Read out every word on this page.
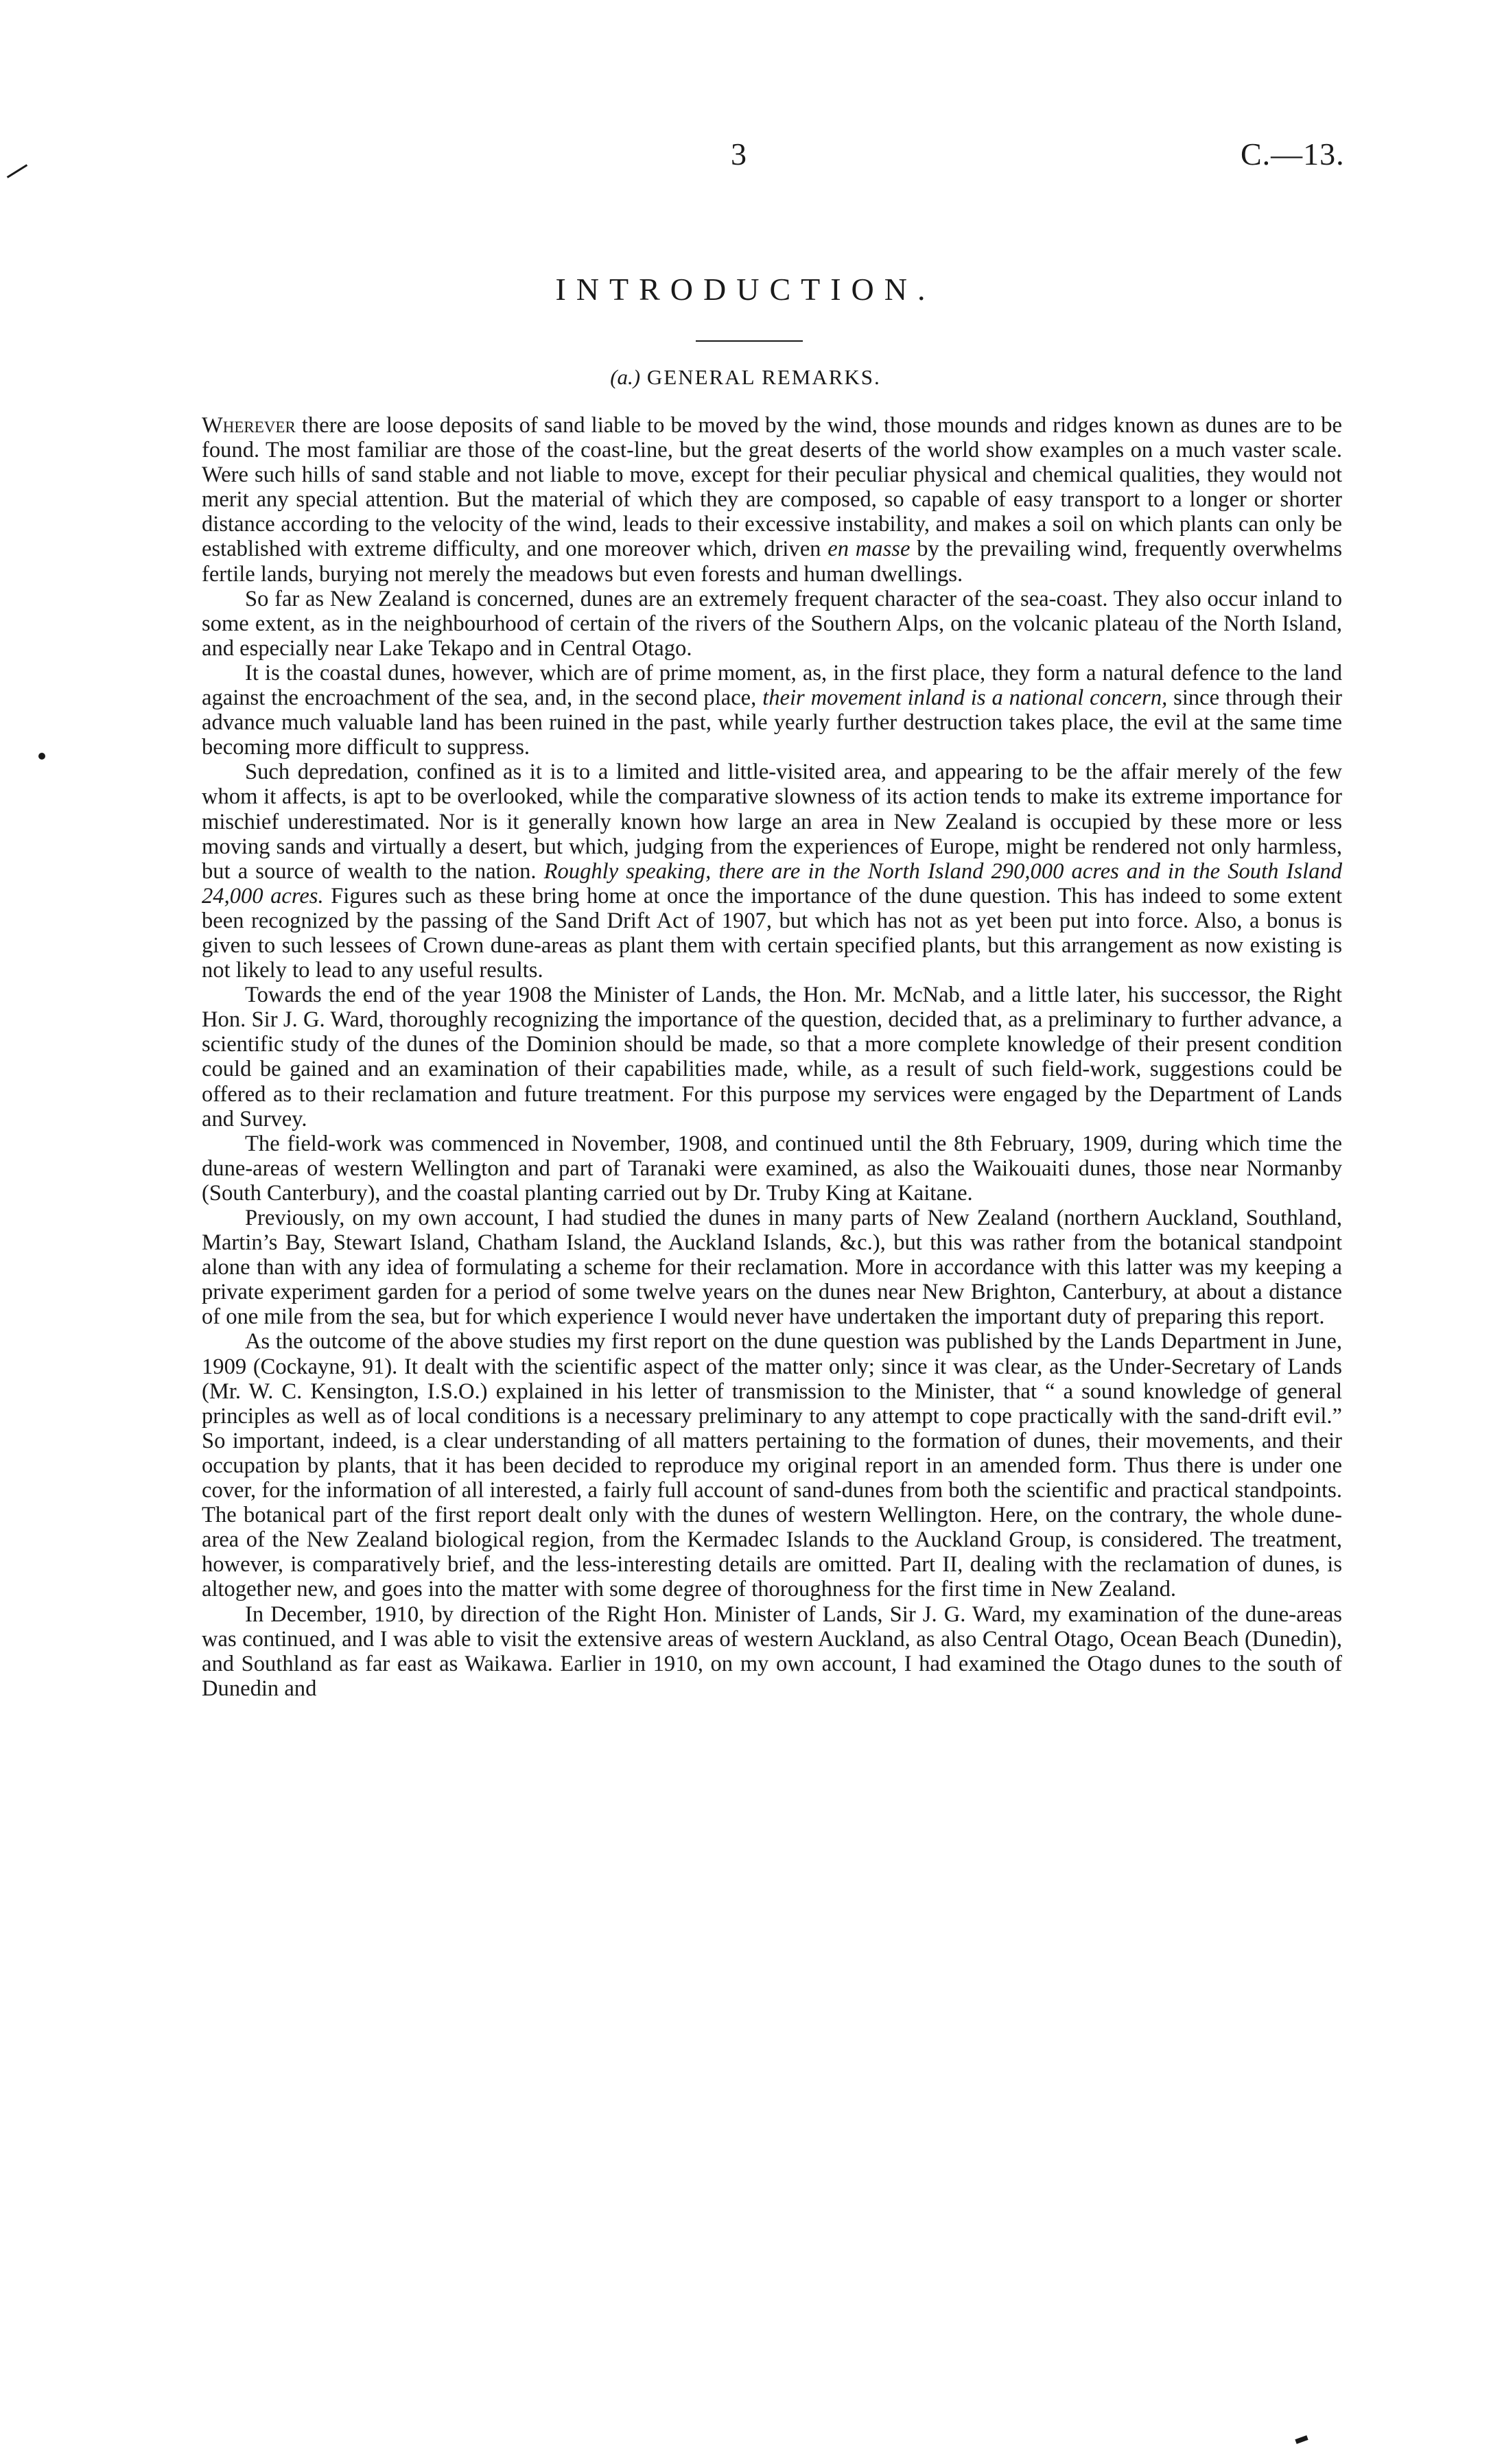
3	C.—13.
INTRODUCTION.
(a.) GENERAL REMARKS.

Wherever there are loose deposits of sand liable to be moved by the wind, those mounds and ridges known as dunes are to be found. The most familiar are those of the coast-line, but the great deserts of the world show examples on a much vaster scale. Were such hills of sand stable and not liable to move, except for their peculiar physical and chemical qualities, they would not merit any special attention. But the material of which they are composed, so capable of easy transport to a longer or shorter distance according to the velocity of the wind, leads to their excessive instability, and makes a soil on which plants can only be established with extreme difficulty, and one moreover which, driven en masse by the prevailing wind, frequently overwhelms fertile lands, burying not merely the meadows but even forests and human dwellings.

So far as New Zealand is concerned, dunes are an extremely frequent character of the sea-coast. They also occur inland to some extent, as in the neighbourhood of certain of the rivers of the Southern Alps, on the volcanic plateau of the North Island, and especially near Lake Tekapo and in Central Otago.

It is the coastal dunes, however, which are of prime moment, as, in the first place, they form a natural defence to the land against the encroachment of the sea, and, in the second place, their movement inland is a national concern, since through their advance much valuable land has been ruined in the past, while yearly further destruction takes place, the evil at the same time becoming more difficult to suppress.

Such depredation, confined as it is to a limited and little-visited area, and appearing to be the affair merely of the few whom it affects, is apt to be overlooked, while the comparative slowness of its action tends to make its extreme importance for mischief underestimated. Nor is it generally known how large an area in New Zealand is occupied by these more or less moving sands and virtually a desert, but which, judging from the experiences of Europe, might be rendered not only harmless, but a source of wealth to the nation. Roughly speaking, there are in the North Island 290,000 acres and in the South Island 24,000 acres. Figures such as these bring home at once the importance of the dune question. This has indeed to some extent been recognized by the passing of the Sand Drift Act of 1907, but which has not as yet been put into force. Also, a bonus is given to such lessees of Crown dune-areas as plant them with certain specified plants, but this arrangement as now existing is not likely to lead to any useful results.

Towards the end of the year 1908 the Minister of Lands, the Hon. Mr. McNab, and a little later, his successor, the Right Hon. Sir J. G. Ward, thoroughly recognizing the importance of the question, decided that, as a preliminary to further advance, a scientific study of the dunes of the Dominion should be made, so that a more complete knowledge of their present condition could be gained and an examination of their capabilities made, while, as a result of such field-work, suggestions could be offered as to their reclamation and future treatment. For this purpose my services were engaged by the Department of Lands and Survey.

The field-work was commenced in November, 1908, and continued until the 8th February, 1909, during which time the dune-areas of western Wellington and part of Taranaki were examined, as also the Waikouaiti dunes, those near Normanby (South Canterbury), and the coastal planting carried out by Dr. Truby King at Kaitane.

Previously, on my own account, I had studied the dunes in many parts of New Zealand (northern Auckland, Southland, Martin’s Bay, Stewart Island, Chatham Island, the Auckland Islands, &c.), but this was rather from the botanical standpoint alone than with any idea of formulating a scheme for their reclamation. More in accordance with this latter was my keeping a private experiment garden for a period of some twelve years on the dunes near New Brighton, Canterbury, at about a distance of one mile from the sea, but for which experience I would never have undertaken the important duty of preparing this report.

As the outcome of the above studies my first report on the dune question was published by the Lands Department in June, 1909 (Cockayne, 91). It dealt with the scientific aspect of the matter only; since it was clear, as the Under-Secretary of Lands (Mr. W. C. Kensington, I.S.O.) explained in his letter of transmission to the Minister, that “ a sound knowledge of general principles as well as of local conditions is a necessary preliminary to any attempt to cope practically with the sand-drift evil.” So important, indeed, is a clear understanding of all matters pertaining to the formation of dunes, their movements, and their occupation by plants, that it has been decided to reproduce my original report in an amended form. Thus there is under one cover, for the information of all interested, a fairly full account of sand-dunes from both the scientific and practical standpoints. The botanical part of the first report dealt only with the dunes of western Wellington. Here, on the contrary, the whole dune-area of the New Zealand biological region, from the Kermadec Islands to the Auckland Group, is considered. The treatment, however, is comparatively brief, and the less-interesting details are omitted. Part II, dealing with the reclamation of dunes, is altogether new, and goes into the matter with some degree of thoroughness for the first time in New Zealand.

In December, 1910, by direction of the Right Hon. Minister of Lands, Sir J. G. Ward, my examination of the dune-areas was continued, and I was able to visit the extensive areas of western Auckland, as also Central Otago, Ocean Beach (Dunedin), and Southland as far east as Waikawa. Earlier in 1910, on my own account, I had examined the Otago dunes to the south of Dunedin and
